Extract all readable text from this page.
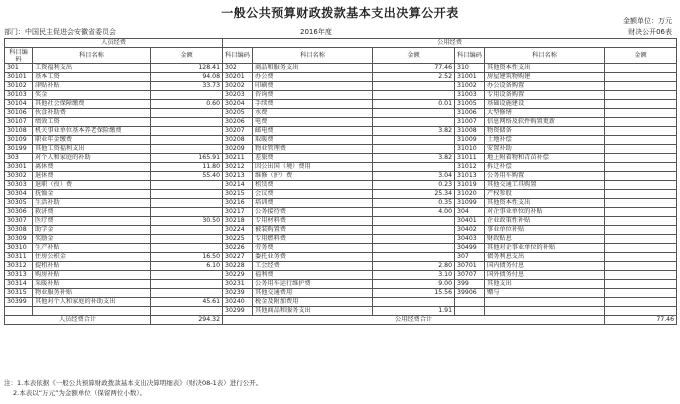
一般公共预算财政拨款基本支出决算公开表
金额单位：万元
部门：中国民主促进会安徽省委员会	2016年度	财决公开06表
人员经费			公用经费					
科目编码	科目名称	金额	科目编码	科目名称	金额	科目编码	科目名称	金额
301	工资福利支出	128.41	302	商品和服务支出	77.46	310	其他资本性支出	
30101	基本工资	94.08	30201	办公费	2.52	31001	房屋建筑物购建	
30102	津贴补贴	33.73	30202	印刷费		31002	办公设备购置	
30103	奖金		30203	咨询费		31003	专用设备购置	
30104	其他社会保障缴费	0.60	30204	手续费	0.01	31005	基础设施建设	
30106	伙食补助费		30205	水费		31006	大型修缮	
30107	绩效工资		30206	电费		31007	信息网络及软件购置更新	
30108	机关事业单位基本养老保险缴费		30207	邮电费	3.82	31008	物资储备	
30109	职业年金缴费		30208	取暖费		31009	土地补偿	
30199	其他工资福利支出		30209	物业管理费		31010	安置补助	
303	对个人和家庭的补助	165.91	30211	差旅费	3.82	31011	地上附着物和青苗补偿	
30301	离休费	11.80	30212	因公出国（境）费用		31012	拆迁补偿	
30302	退休费	55.40	30213	维修（护）费	3.04	31013	公务用车购置	
30303	退职（役）费		30214	租赁费	0.23	31019	其他交通工具购置	
30304	抚恤金		30215	会议费	25.34	31020	产权参股	
30305	生活补助		30216	培训费	0.35	31099	其他资本性支出	
30306	救济费		30217	公务接待费	4.00	304	对企事业单位的补贴	
30307	医疗费	30.50	30218	专用材料费		30401	企业政策性补贴	
30308	助学金		30224	被装购置费		30402	事业单位补贴	
30309	奖励金		30225	专用燃料费		30403	财政贴息	
30310	生产补贴		30226	劳务费		30499	其他对企事业单位的补贴	
30311	住房公积金	16.50	30227	委托业务费		307	债务利息支出	
30312	提租补贴	6.10	30228	工会经费	2.80	30701	国内债务付息	
30313	购房补贴		30229	福利费	3.10	30707	国外债务付息	
30314	采暖补贴		30231	公务用车运行维护费	9.00	399	其他支出	
30315	物业服务补贴		30239	其他交通费用	15.56	39906	赠与	
30399	其他对个人和家庭的补助支出	45.61	30240	税金及附加费用				
			30299	其他商品和服务支出	1.91			
人员经费合计		294.32	公用经费合计					77.46
注：1.本表依据《一般公共预算财政拨款基本支出决算明细表》（财决08-1表）进行公开。
2.本表以“万元”为金额单位（保留两位小数）。
